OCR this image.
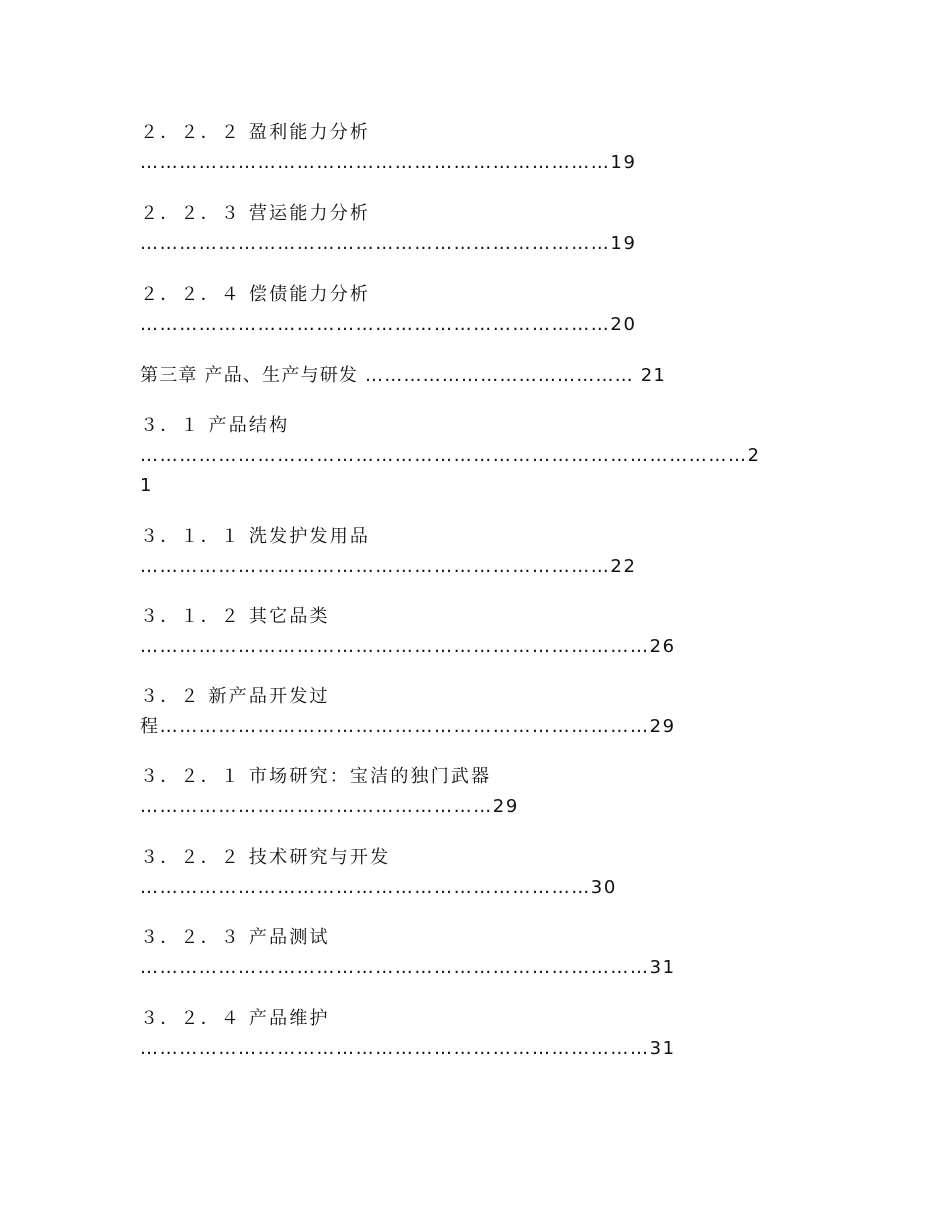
２．２．２ 盈利能力分析
………………………………………………………………19
２．２．３ 营运能力分析
………………………………………………………………19
２．２．４ 偿债能力分析
………………………………………………………………20
第三章 产品、生产与研发 …………………………………… 21
３．１ 产品结构
…………………………………………………………………………………2
1
３．１．１ 洗发护发用品
………………………………………………………………22
３．１．２ 其它品类
……………………………………………………………………26
３．２ 新产品开发过
程…………………………………………………………………29
３．２．１ 市场研究：宝洁的独门武器
………………………………………………29
３．２．２ 技术研究与开发
……………………………………………………………30
３．２．３ 产品测试
……………………………………………………………………31
３．２．４ 产品维护
……………………………………………………………………31
